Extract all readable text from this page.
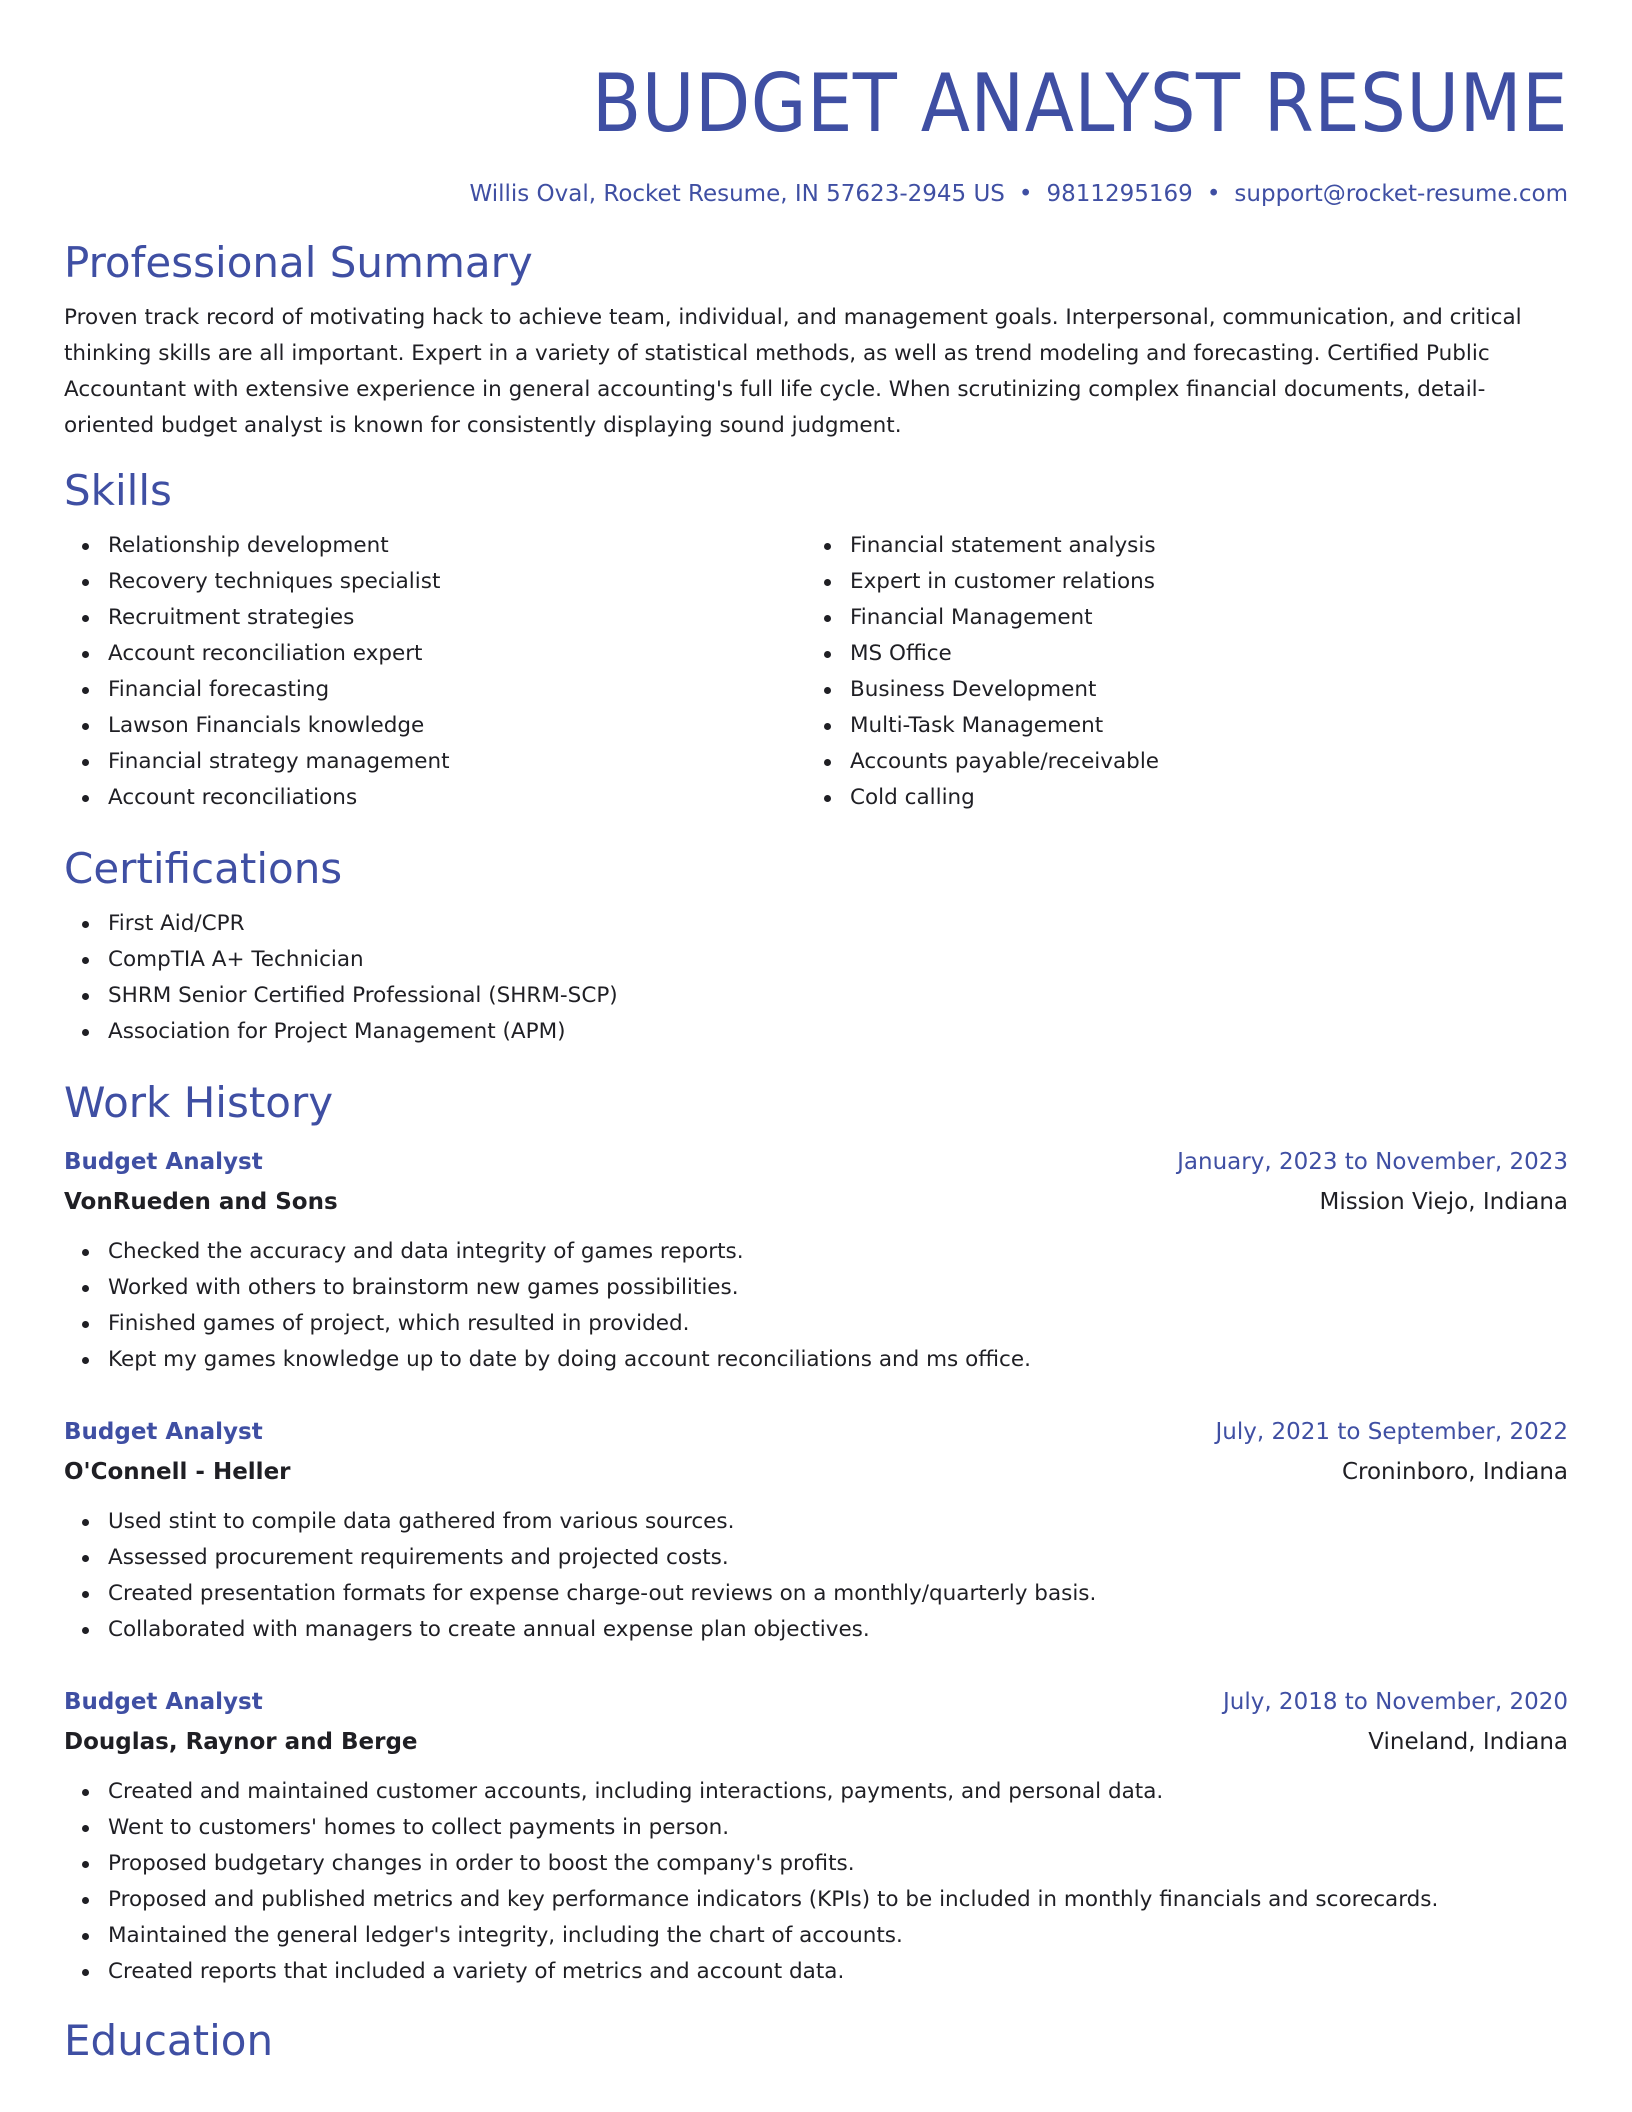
BUDGET ANALYST RESUME
Willis Oval, Rocket Resume, IN 57623-2945 US • 9811295169 • support@rocket-resume.com
Professional Summary
Proven track record of motivating hack to achieve team, individual, and management goals. Interpersonal, communication, and critical thinking skills are all important. Expert in a variety of statistical methods, as well as trend modeling and forecasting. Certified Public Accountant with extensive experience in general accounting's full life cycle. When scrutinizing complex financial documents, detail-oriented budget analyst is known for consistently displaying sound judgment.
Skills
Relationship development
Recovery techniques specialist
Recruitment strategies
Account reconciliation expert
Financial forecasting
Lawson Financials knowledge
Financial strategy management
Account reconciliations
Financial statement analysis
Expert in customer relations
Financial Management
MS Office
Business Development
Multi-Task Management
Accounts payable/receivable
Cold calling
Certifications
First Aid/CPR
CompTIA A+ Technician
SHRM Senior Certified Professional (SHRM-SCP)
Association for Project Management (APM)
Work History
Budget Analyst	January, 2023 to November, 2023
VonRueden and Sons	Mission Viejo, Indiana
Checked the accuracy and data integrity of games reports.
Worked with others to brainstorm new games possibilities.
Finished games of project, which resulted in provided.
Kept my games knowledge up to date by doing account reconciliations and ms office.
Budget Analyst	July, 2021 to September, 2022
O'Connell - Heller	Croninboro, Indiana
Used stint to compile data gathered from various sources.
Assessed procurement requirements and projected costs.
Created presentation formats for expense charge-out reviews on a monthly/quarterly basis.
Collaborated with managers to create annual expense plan objectives.
Budget Analyst	July, 2018 to November, 2020
Douglas, Raynor and Berge	Vineland, Indiana
Created and maintained customer accounts, including interactions, payments, and personal data.
Went to customers' homes to collect payments in person.
Proposed budgetary changes in order to boost the company's profits.
Proposed and published metrics and key performance indicators (KPIs) to be included in monthly financials and scorecards.
Maintained the general ledger's integrity, including the chart of accounts.
Created reports that included a variety of metrics and account data.
Education
